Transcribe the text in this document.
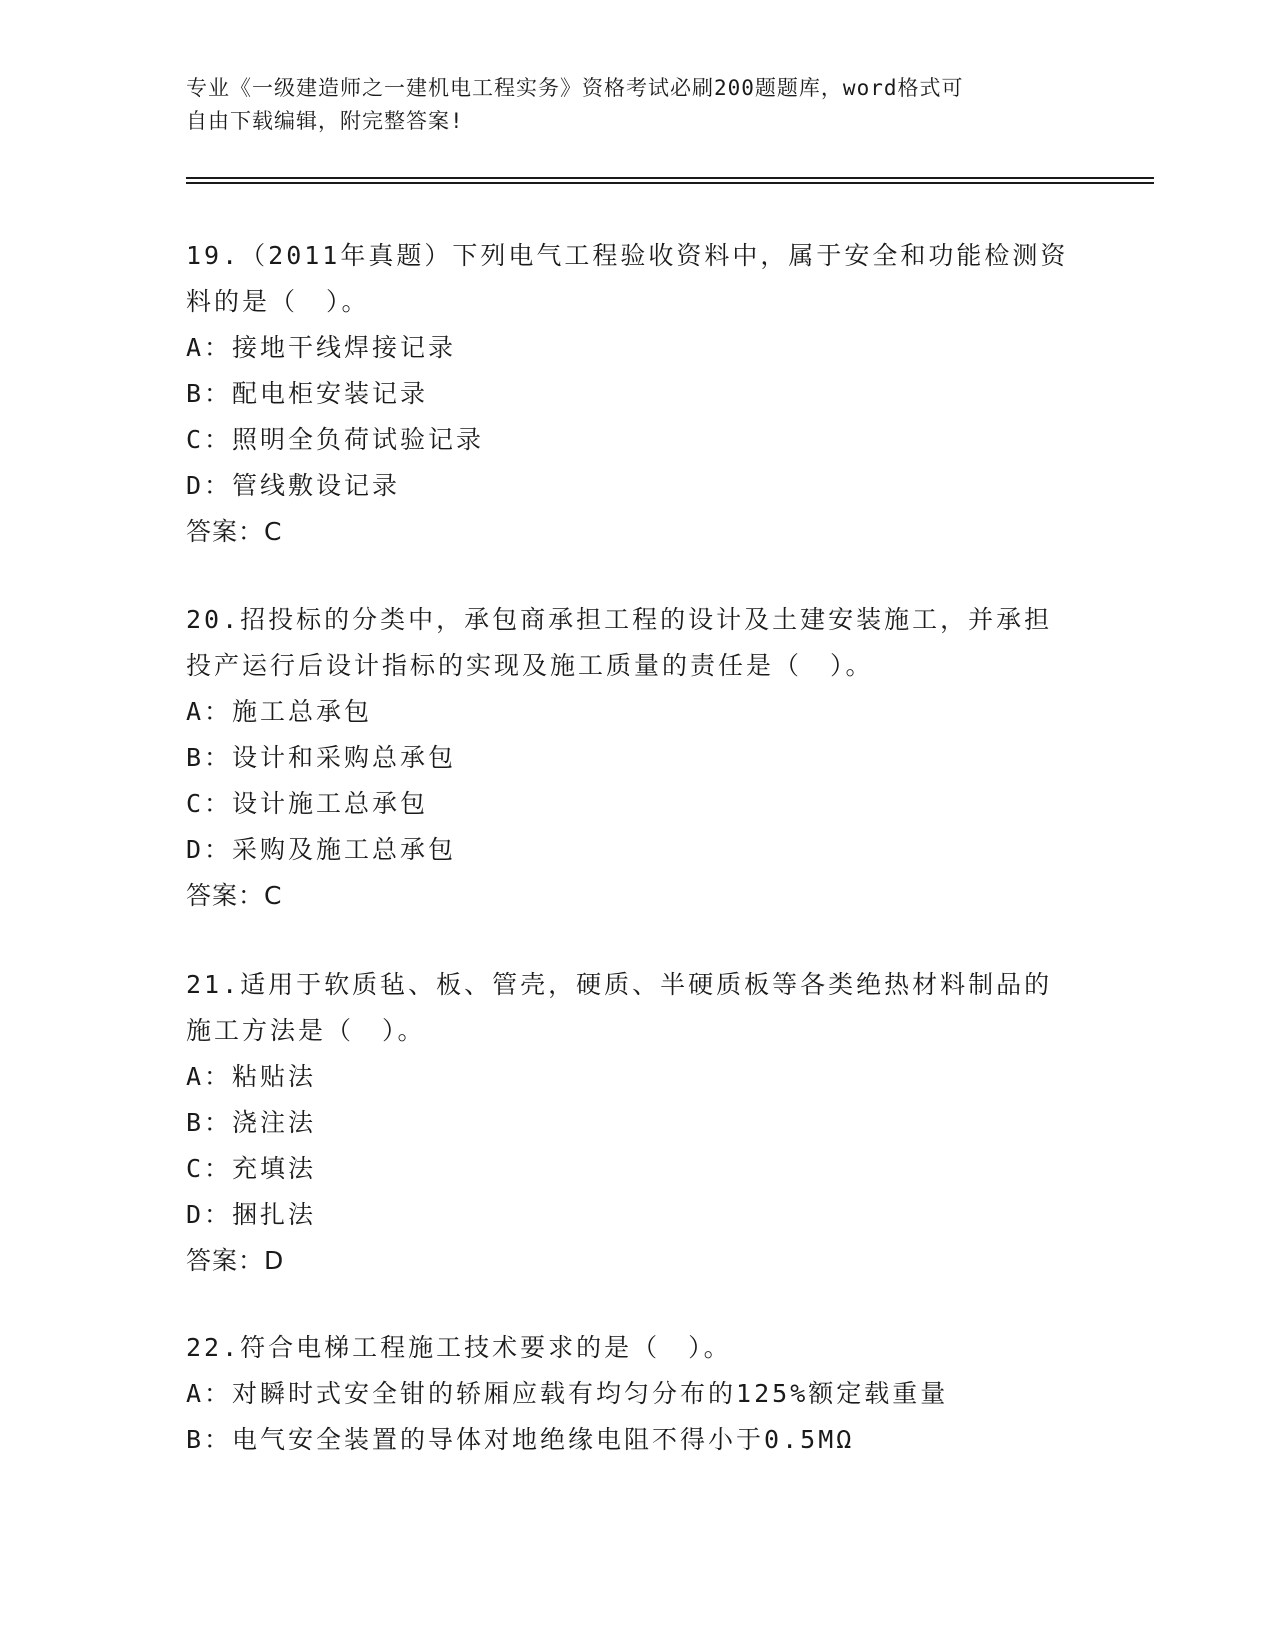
专业《一级建造师之一建机电工程实务》资格考试必刷200题题库，word格式可
自由下载编辑，附完整答案!
19.（2011年真题）下列电气工程验收资料中，属于安全和功能检测资
料的是（　）。
A：接地干线焊接记录
B：配电柜安装记录
C：照明全负荷试验记录
D：管线敷设记录
答案：C
20.招投标的分类中，承包商承担工程的设计及土建安装施工，并承担
投产运行后设计指标的实现及施工质量的责任是（　）。
A：施工总承包
B：设计和采购总承包
C：设计施工总承包
D：采购及施工总承包
答案：C
21.适用于软质毡、板、管壳，硬质、半硬质板等各类绝热材料制品的
施工方法是（　）。
A：粘贴法
B：浇注法
C：充填法
D：捆扎法
答案：D
22.符合电梯工程施工技术要求的是（　）。
A：对瞬时式安全钳的轿厢应载有均匀分布的125%额定载重量
B：电气安全装置的导体对地绝缘电阻不得小于0.5MΩ
